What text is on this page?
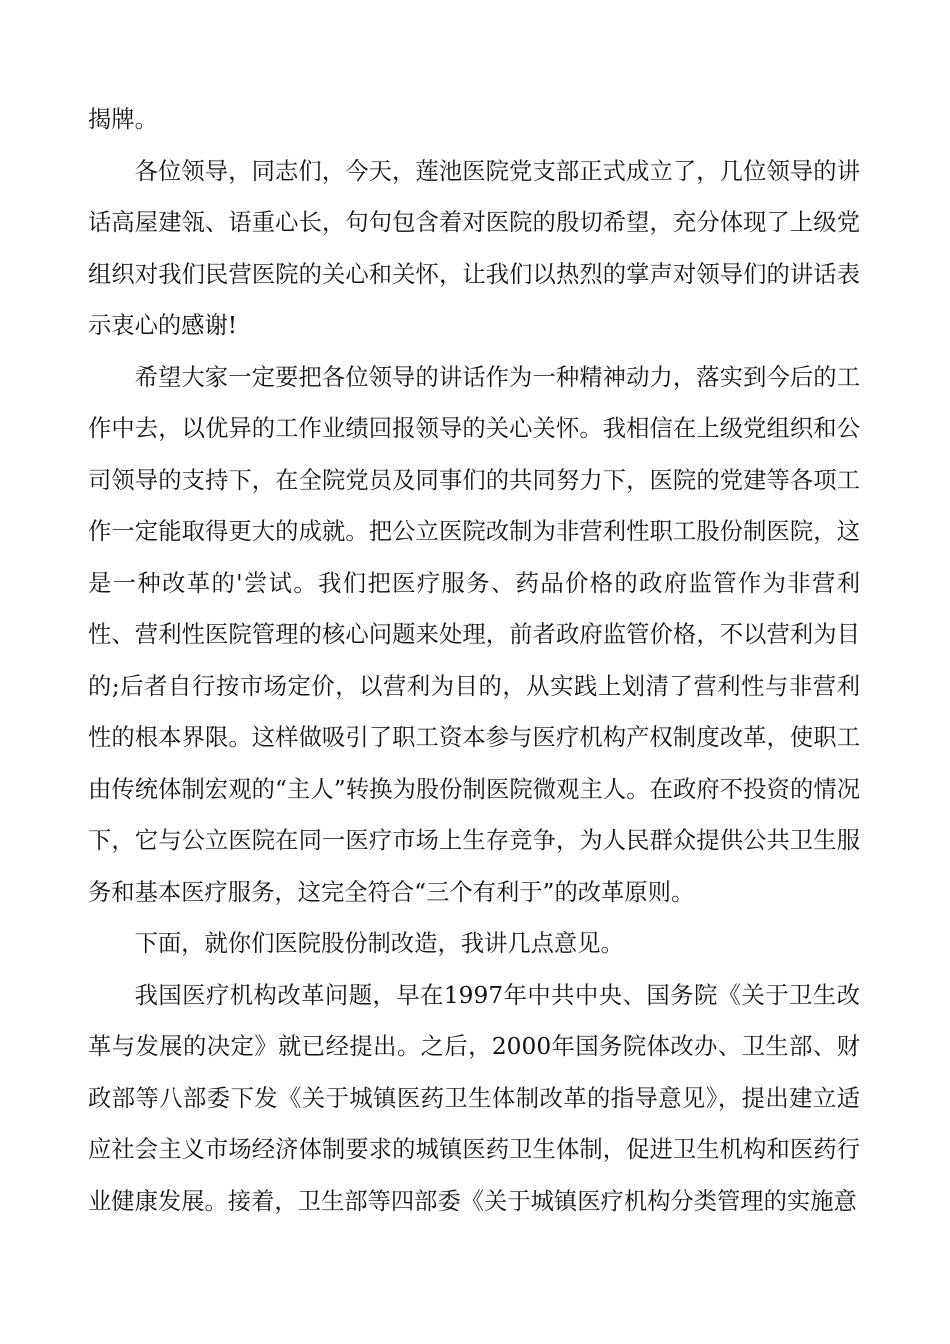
揭牌。

各位领导，同志们，今天，莲池医院党支部正式成立了，几位领导的讲话高屋建瓴、语重心长，句句包含着对医院的殷切希望，充分体现了上级党组织对我们民营医院的关心和关怀，让我们以热烈的掌声对领导们的讲话表示衷心的感谢!

希望大家一定要把各位领导的讲话作为一种精神动力，落实到今后的工作中去，以优异的工作业绩回报领导的关心关怀。我相信在上级党组织和公司领导的支持下，在全院党员及同事们的共同努力下，医院的党建等各项工作一定能取得更大的成就。把公立医院改制为非营利性职工股份制医院，这是一种改革的'尝试。我们把医疗服务、药品价格的政府监管作为非营利性、营利性医院管理的核心问题来处理，前者政府监管价格，不以营利为目的;后者自行按市场定价，以营利为目的，从实践上划清了营利性与非营利性的根本界限。这样做吸引了职工资本参与医疗机构产权制度改革，使职工由传统体制宏观的“主人”转换为股份制医院微观主人。在政府不投资的情况下，它与公立医院在同一医疗市场上生存竞争，为人民群众提供公共卫生服务和基本医疗服务，这完全符合“三个有利于”的改革原则。

下面，就你们医院股份制改造，我讲几点意见。

我国医疗机构改革问题，早在1997年中共中央、国务院《关于卫生改革与发展的决定》就已经提出。之后，2000年国务院体改办、卫生部、财政部等八部委下发《关于城镇医药卫生体制改革的指导意见》，提出建立适应社会主义市场经济体制要求的城镇医药卫生体制，促进卫生机构和医药行业健康发展。接着，卫生部等四部委《关于城镇医疗机构分类管理的实施意
